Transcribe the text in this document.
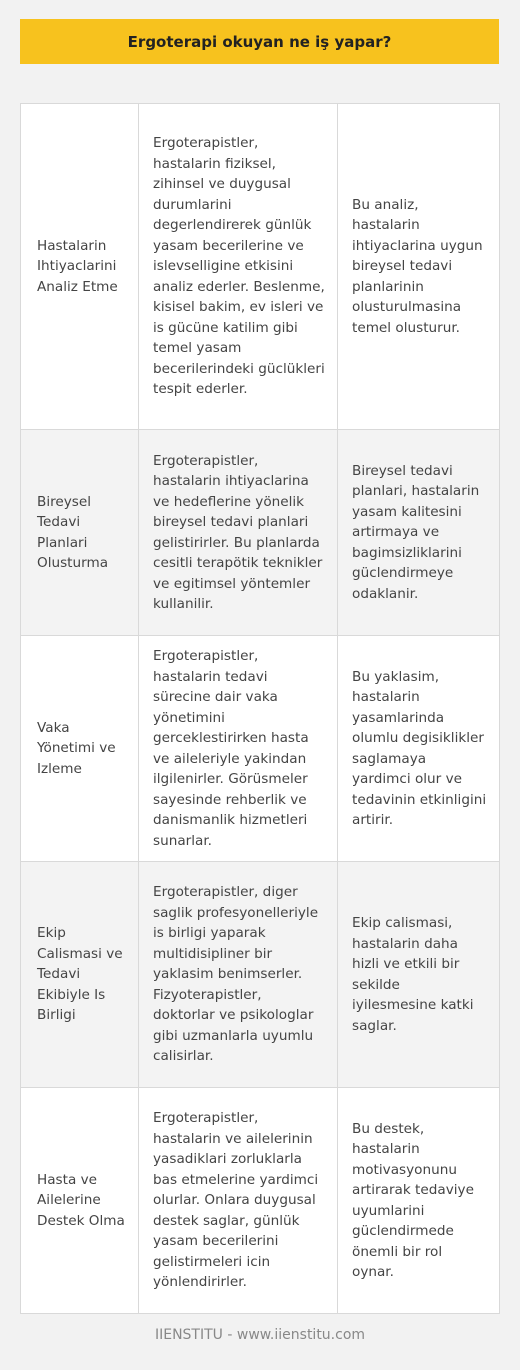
Ergoterapi okuyan ne iş yapar?
Hastalarin Ihtiyaclarini Analiz Etme
Ergoterapistler, hastalarin fiziksel, zihinsel ve duygusal durumlarini degerlendirerek günlük yasam becerilerine ve islevselligine etkisini analiz ederler. Beslenme, kisisel bakim, ev isleri ve is gücüne katilim gibi temel yasam becerilerindeki güclükleri tespit ederler.
Bu analiz, hastalarin ihtiyaclarina uygun bireysel tedavi planlarinin olusturulmasina temel olusturur.
Bireysel Tedavi Planlari Olusturma
Ergoterapistler, hastalarin ihtiyaclarina ve hedeflerine yönelik bireysel tedavi planlari gelistirirler. Bu planlarda cesitli terapötik teknikler ve egitimsel yöntemler kullanilir.
Bireysel tedavi planlari, hastalarin yasam kalitesini artirmaya ve bagimsizliklarini güclendirmeye odaklanir.
Vaka Yönetimi ve Izleme
Ergoterapistler, hastalarin tedavi sürecine dair vaka yönetimini gerceklestirirken hasta ve aileleriyle yakindan ilgilenirler. Görüsmeler sayesinde rehberlik ve danismanlik hizmetleri sunarlar.
Bu yaklasim, hastalarin yasamlarinda olumlu degisiklikler saglamaya yardimci olur ve tedavinin etkinligini artirir.
Ekip Calismasi ve Tedavi Ekibiyle Is Birligi
Ergoterapistler, diger saglik profesyonelleriyle is birligi yaparak multidisipliner bir yaklasim benimserler. Fizyoterapistler, doktorlar ve psikologlar gibi uzmanlarla uyumlu calisirlar.
Ekip calismasi, hastalarin daha hizli ve etkili bir sekilde iyilesmesine katki saglar.
Hasta ve Ailelerine Destek Olma
Ergoterapistler, hastalarin ve ailelerinin yasadiklari zorluklarla bas etmelerine yardimci olurlar. Onlara duygusal destek saglar, günlük yasam becerilerini gelistirmeleri icin yönlendirirler.
Bu destek, hastalarin motivasyonunu artirarak tedaviye uyumlarini güclendirmede önemli bir rol oynar.
IIENSTITU - www.iienstitu.com
